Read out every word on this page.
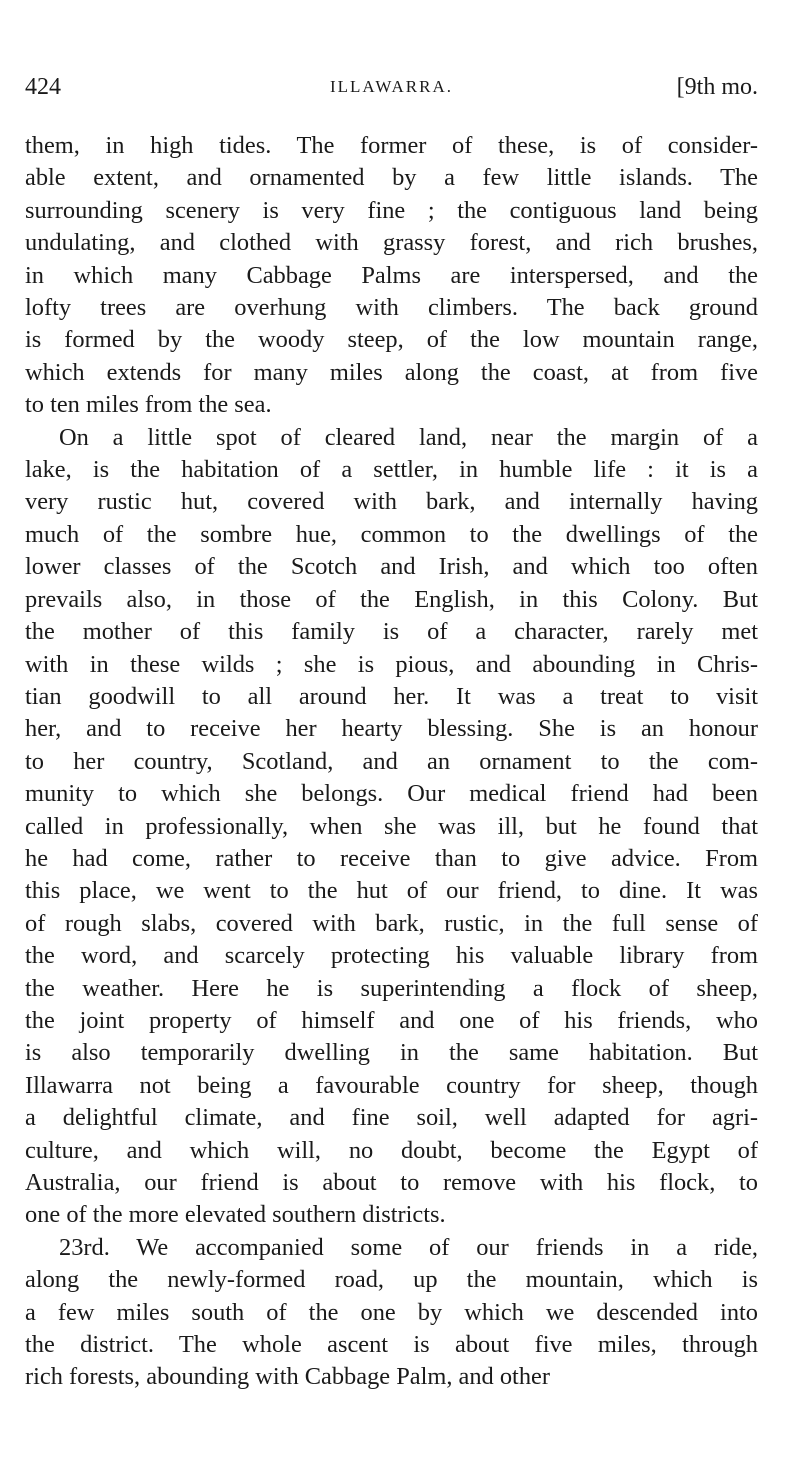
424	ILLAWARRA.	[9th mo.
them, in high tides. The former of these, is of consider-
able extent, and ornamented by a few little islands. The
surrounding scenery is very fine ; the contiguous land being
undulating, and clothed with grassy forest, and rich brushes,
in which many Cabbage Palms are interspersed, and the
lofty trees are overhung with climbers. The back ground
is formed by the woody steep, of the low mountain range,
which extends for many miles along the coast, at from five
to ten miles from the sea.
On a little spot of cleared land, near the margin of a
lake, is the habitation of a settler, in humble life : it is a
very rustic hut, covered with bark, and internally having
much of the sombre hue, common to the dwellings of the
lower classes of the Scotch and Irish, and which too often
prevails also, in those of the English, in this Colony. But
the mother of this family is of a character, rarely met
with in these wilds ; she is pious, and abounding in Chris-
tian goodwill to all around her. It was a treat to visit
her, and to receive her hearty blessing. She is an honour
to her country, Scotland, and an ornament to the com-
munity to which she belongs. Our medical friend had been
called in professionally, when she was ill, but he found that
he had come, rather to receive than to give advice. From
this place, we went to the hut of our friend, to dine. It was
of rough slabs, covered with bark, rustic, in the full sense of
the word, and scarcely protecting his valuable library from
the weather. Here he is superintending a flock of sheep,
the joint property of himself and one of his friends, who
is also temporarily dwelling in the same habitation. But
Illawarra not being a favourable country for sheep, though
a delightful climate, and fine soil, well adapted for agri-
culture, and which will, no doubt, become the Egypt of
Australia, our friend is about to remove with his flock, to
one of the more elevated southern districts.
23rd. We accompanied some of our friends in a ride,
along the newly-formed road, up the mountain, which is
a few miles south of the one by which we descended into
the district. The whole ascent is about five miles, through
rich forests, abounding with Cabbage Palm, and other
